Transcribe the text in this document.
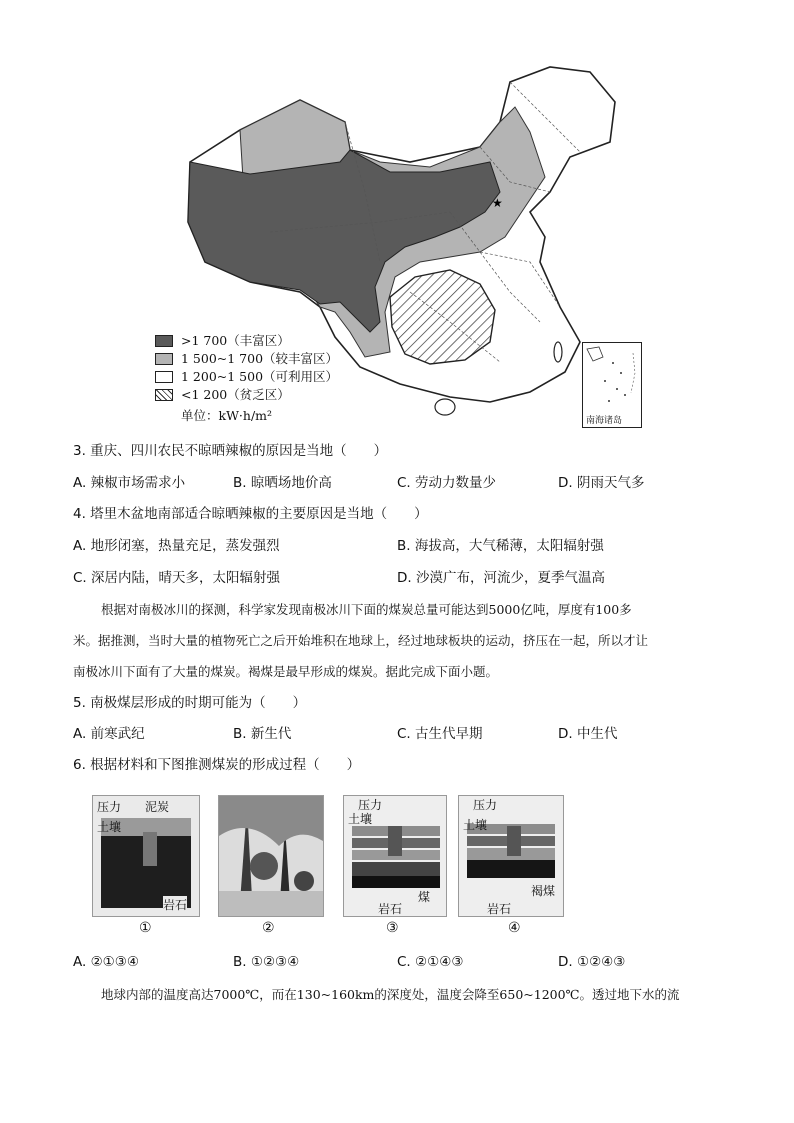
★
南海诸岛
>1 700（丰富区）
1 500~1 700（较丰富区）
1 200~1 500（可利用区）
<1 200（贫乏区）
单位：kW·h/m²
3. 重庆、四川农民不晾晒辣椒的原因是当地（　　）
A. 辣椒市场需求小	B. 晾晒场地价高	C. 劳动力数量少	D. 阴雨天气多
4. 塔里木盆地南部适合晾晒辣椒的主要原因是当地（　　）
A. 地形闭塞，热量充足，蒸发强烈	B. 海拔高，大气稀薄，太阳辐射强
C. 深居内陆，晴天多，太阳辐射强	D. 沙漠广布，河流少，夏季气温高
根据对南极冰川的探测，科学家发现南极冰川下面的煤炭总量可能达到5000亿吨，厚度有100多
米。据推测，当时大量的植物死亡之后开始堆积在地球上，经过地球板块的运动，挤压在一起，所以才让
南极冰川下面有了大量的煤炭。褐煤是最早形成的煤炭。据此完成下面小题。
5. 南极煤层形成的时期可能为（　　）
A. 前寒武纪	B. 新生代	C. 古生代早期	D. 中生代
6. 根据材料和下图推测煤炭的形成过程（　　）
压力 泥炭
土壤
岩石
压力
土壤
煤
岩石
压力
土壤
褐煤
岩石
①	②	③	④
A. ②①③④	B. ①②③④	C. ②①④③	D. ①②④③
地球内部的温度高达7000℃，而在130~160km的深度处，温度会降至650~1200℃。透过地下水的流
